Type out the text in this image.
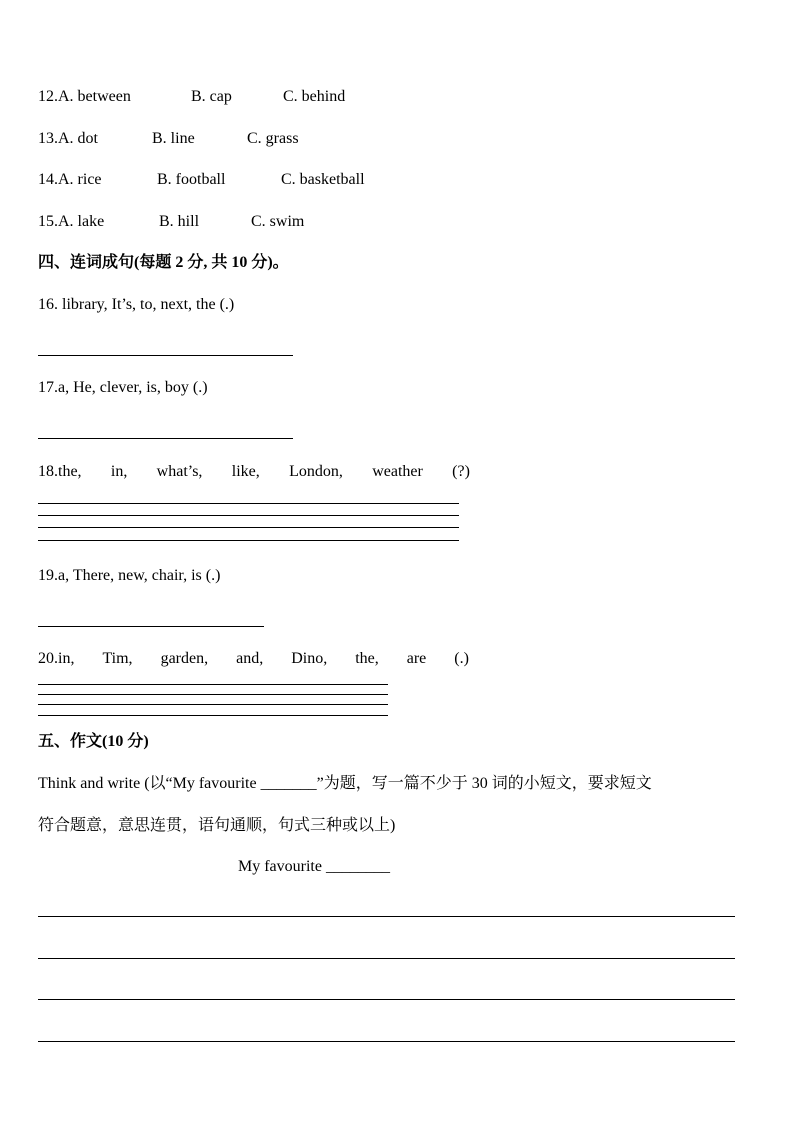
12.A. between	B. cap	C. behind
13.A. dot	B. line	C. grass
14.A. rice	B. football	C. basketball
15.A. lake	B. hill	C. swim
四、连词成句(每题 2 分, 共 10 分)。
16. library, It’s, to, next, the (.)
17.a, He, clever, is, boy (.)
18.the, in, what’s, like, London, weather (?)
19.a, There, new, chair, is (.)
20.in, Tim, garden, and, Dino, the, are (.)
五、作文(10 分)
Think and write (以“My favourite _______”为题，写一篇不少于 30 词的小短文，要求短文
符合题意，意思连贯，语句通顺，句式三种或以上)
My favourite ________
